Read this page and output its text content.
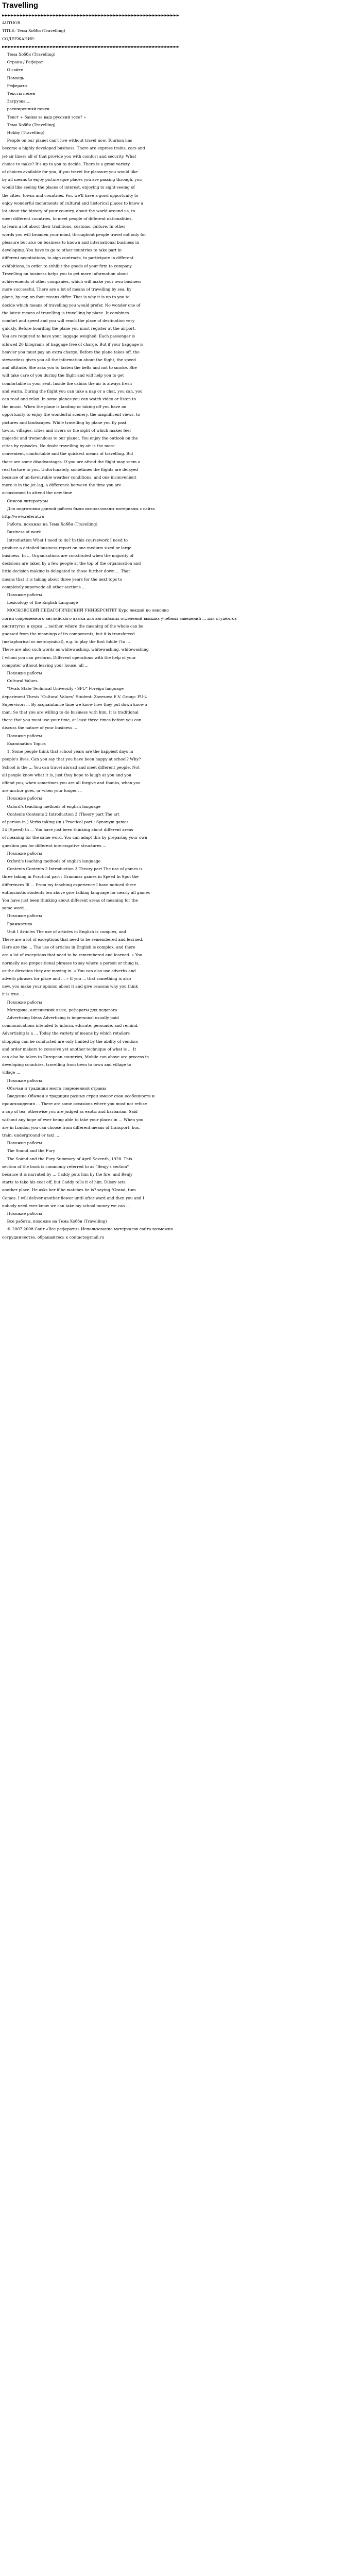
Travelling
►►►►►►►►►►►►►►►►►►►►►►►►►►►►►►►►►►►►►►►►►►►►►►►►►►►►►►►►►►►
AUTHOR
TITLE: Тема Хобби (Travelling)
СОДЕРЖАНИЕ:
►►►►►►►►►►►►►►►►►►►►►►►►►►►►►►►►►►►►►►►►►►►►►►►►►►►►►►►►►►►
Тема Хобби (Travelling)
Страна / Реферат
О сайте
Помощь
Рефераты
Тексты песен
Загрузка ...
расширенный поиск
Текст + банки за ваш русский эссе? »
Тема Хобби (Travelling)
Hobby (Travelling)
People on our planet can't live without travel now. Tourism has
become a highly developed business. There are express trains, cars and
jet-air liners all of that provide you with comfort and security. What
choice to make? It's up to you to decide. There is a great variety
of choices available for you, if you travel for pleasure you would like
by all means to enjoy picturesque places you are passing through, you
would like seeing the places of interest, enjoying to sight-seeing of
the cities, towns and countries. For, we'll have a good opportunity to
enjoy wonderful monuments of cultural and historical places to know a
lot about the history of your country, about the world around us, to
meet different countries, to meet people of different nationalities,
to learn a lot about their traditions, customs, culture. In other
words you will broaden your mind, throughout people travel not only for
pleasure but also on business to known and international business in
developing. You have to go to other countries to take part in
different negotiations, to sign contracts, to participate in different
exhibitions, in order to exhibit the goods of your firm to company.
Travelling on business helps you to get more information about
achievements of other companies, which will make your own business
more successful. There are a lot of means of travelling by sea, by
plane, by car, on foot: means differ. That is why it is up to you to
decide which means of travelling you would prefer. No wonder one of
the latest means of travelling is travelling by plane. It combines
comfort and speed and you will reach the place of destination very
quickly. Before boarding the plane you must register at the airport.
You are required to have your luggage weighed. Each passenger is
allowed 20 kilograms of baggage free of charge. But if your baggage is
heavier you must pay an extra charge. Before the plane takes off, the
stewardess gives you all the information about the flight, the speed
and altitude. She asks you to fasten the belts and not to smoke. She
will take care of you during the flight and will help you to get
comfortable in your seat. Inside the cabins the air is always fresh
and warm. During the flight you can take a nap or a chat, you can, you
can read and relax. In some planes you can watch video or listen to
the music. When the plane is landing or taking off you have an
opportunity to enjoy the wonderful scenery, the magnificent views, to
pictures and landscapes. While travelling by plane you fly past
towns, villages, cities and rivers or the sight of which makes feel
majestic and tremendous to our planet. You enjoy the outlook on the
cities by episodes. No doubt travelling by air is the more
convenient, comfortable and the quickest means of travelling. But
there are some disadvantages. If you are afraid the flight may seem a
real torture to you. Unfortunately, sometimes the flights are delayed
because of un-favourable weather conditions, and one inconvenient
more is in the jet-lag, a difference between the time you are
accustomed to attend the new time
Список литературы
Для подготовки данной работы были использованы материалы с сайта
http://www.referat.ru
Работа, похожая на Тема Хобби (Travelling)
Business at work
Introduction What I need to do? In this coursework I need to
produce a detailed business report on one medium sized or large
business. In ... Organisations are constituted when the majority of
decisions are taken by a few people at the top of the organisation and
little decision making is delegated to those further down ... That
means that it is taking about three years for the next tops to
completely supersede all other sections ...
Похожие работы
Lexicology of the English Language
МОСКОВСКИЙ ПЕДАГОГИЧЕСКИЙ УНИВЕРСИТЕТ Курс лекций по лексико
логии современного английского языка для английских отделений высших учебных заведений ... для студентов
институтов и курса ... neither, where the meaning of the whole can be
guessed from the meanings of its components, but it is transferred
(metaphorical or metonymical), e.g. to play the first fiddle ('to ...
There are also such words as whitewashing, whitewashing, whitewashing
I whom you can perform. Different operations with the help of your
computer without leaving your house, all ...
Похожие работы
Cultural Values
"Ovals State Technical University - SPU" Foreign language
department Thesis "Cultural Values" Student: Zavesova E.V. Group: PU-4
Supervisor: ... By acquaintance time we know how they put down know a
man. So that you are willing to do business with him. It is traditional
there that you must use your time, at least three times before you can
discuss the nature of your business ...
Похожие работы
Examination Topics
1. Some people think that school years are the happiest days in
people's lives. Can you say that you have been happy at school? Why?
School is the ... You can travel abroad and meet different people. Not
all people know what it is, just they hope to laugh at you and you
offend you, when sometimes you are all forgive and thanks, when you
are anchor goes, or when your longer ...
Похожие работы
Oxford's teaching methods of english language
Contents Contents 2 Introduction 3 (Theory part The art
of person-in ) Verbs taking (in ) Practical part : Synonym games
24 (Speed) In ... You have just been thinking about different areas
of meaning for the same word. You can adapt this by preparing your own
question pos for different interrogative structures ...
Похожие работы
Oxford's teaching methods of english language
Contents Contents 2 Introduction 3 Theory part The use of games is
three taking in Practical part : Grammar games in Speed In Spot the
differences Ill ... From my teaching experience I have noticed three
enthusiastic students ten above give talking language for nearly all games
You have just been thinking about different areas of meaning for the
same word ...
Похожие работы
Грамматика
Unit I Articles The use of articles in English is complex, and
There are a lot of exceptions that need to be remembered and learned.
Here are the ... The use of articles in English is complex, and there
are a lot of exceptions that need to be remembered and learned. » You
normally use prepositional phrases to say where a person or thing is,
or the direction they are moving in. » You can also use adverbs and
adverb phrases for place and ... » If you ... that something is also
new, you make your opinion about it and give reasons why you think
it is true ...
Похожие работы
Методика, английский язык, рефераты для педагога
Advertising Ideas Advertising is impersonal usually paid
communications intended to inform, educate, persuade, and remind.
Advertising is a ... Today the variety of means by which retailers
shopping can be conducted are only limited by the ability of vendors
and order makers to conceive yet another technique of what is ... It
can also be taken to European countries, Mobile can above are process in
developing countries, travelling from town to town and village to
village ...
Похожие работы
Обычаи и традиции места современной страны
Введение Обычаи и традиции разных стран имеют свои особенности и
происхождения ... There are some occasions where you must not refuse
a cup of tea, otherwise you are judged as exotic and barbarian. Said
without any hope of ever being able to take your places in ... When you
are in London you can choose from different means of transport: bus,
train, underground or taxi ...
Похожие работы
The Sound and the Fury
The Sound and the Fury Summary of April Seventh, 1928. This
section of the book is commonly referred to as "Benjy's section"
because it is narrated by ... Caddy puts him by the fire, and Benjy
starts to take his coat off, but Caddy tells it of him. Dilsey sets
another place. He asks her if he matches he is? saying "Grand, tum
Comes. I will deliver another flower until after ward and then you and I
nobody need ever know we can take my school money we can ...
Похожие работы
Все работы, похожие на Тема Хобби (Travelling)
© 2007-2008 Сайт «Все рефераты» Использование материалов сайта возможно
сотрудничество, обращайтесь к contacts@mail.ru
